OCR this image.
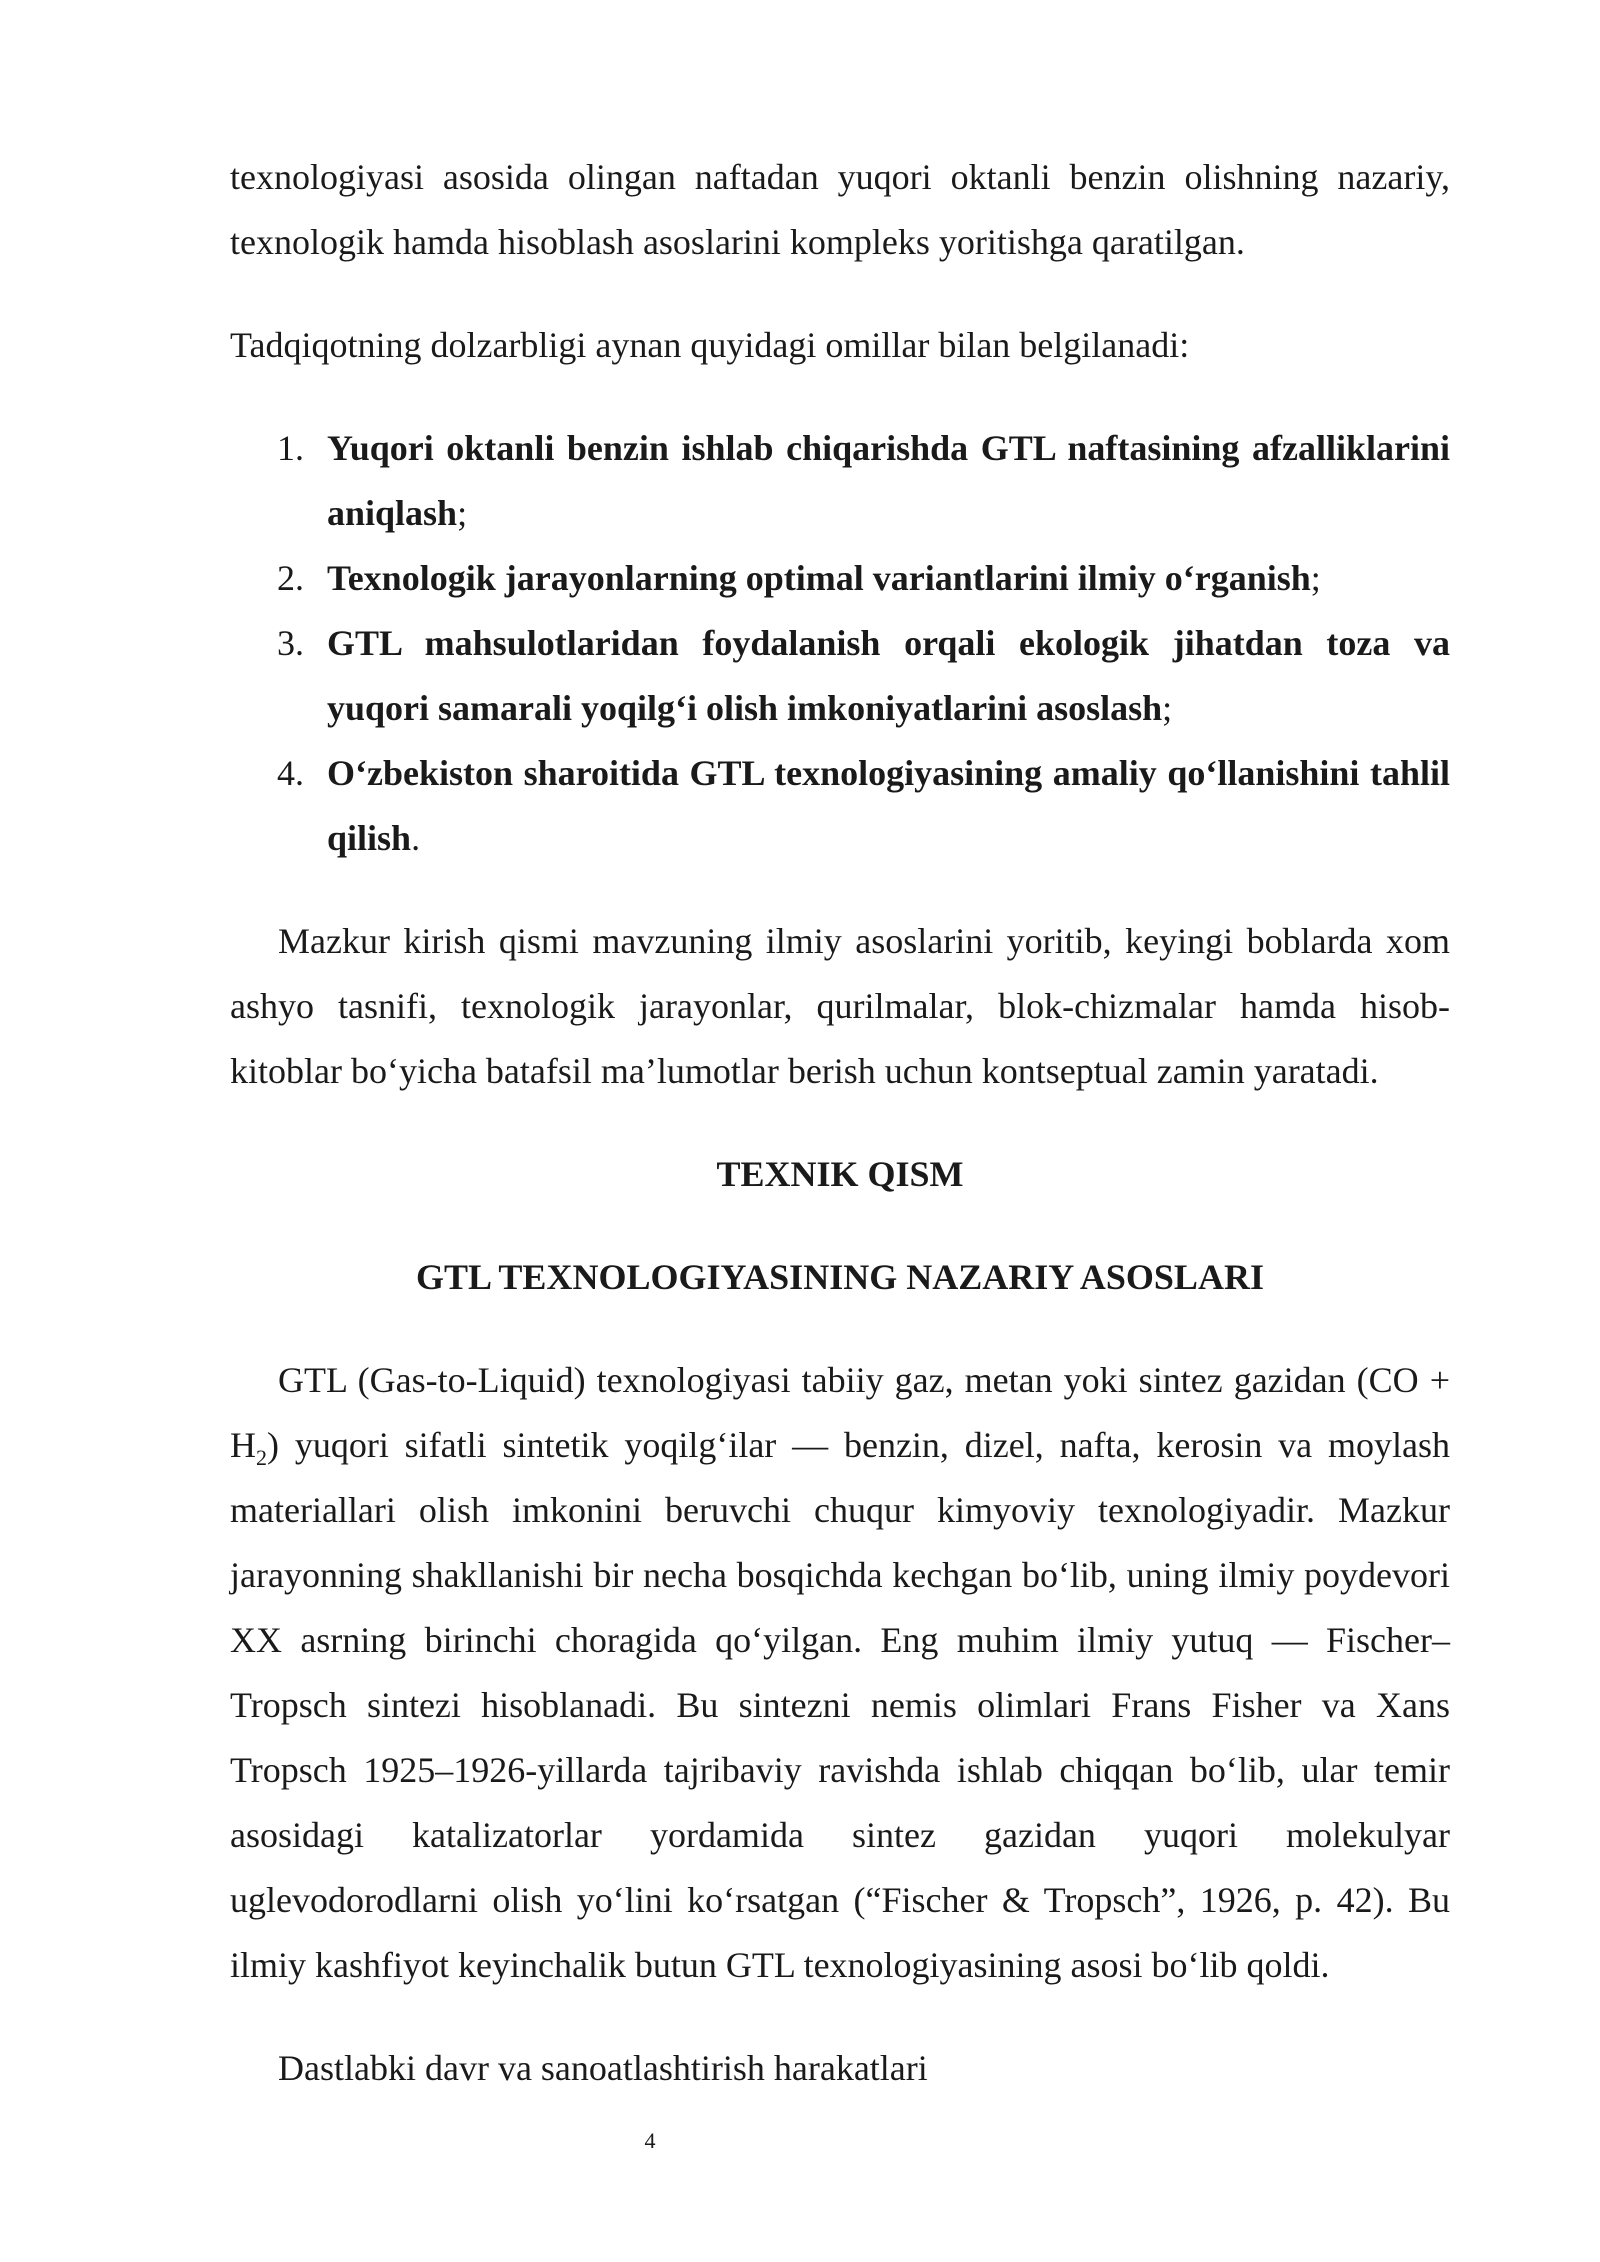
texnologiyasi asosida olingan naftadan yuqori oktanli benzin olishning nazariy, texnologik hamda hisoblash asoslarini kompleks yoritishga qaratilgan.

Tadqiqotning dolzarbligi aynan quyidagi omillar bilan belgilanadi:

1. Yuqori oktanli benzin ishlab chiqarishda GTL naftasining afzalliklarini aniqlash;
2. Texnologik jarayonlarning optimal variantlarini ilmiy o‘rganish;
3. GTL mahsulotlaridan foydalanish orqali ekologik jihatdan toza va yuqori samarali yoqilg‘i olish imkoniyatlarini asoslash;
4. O‘zbekiston sharoitida GTL texnologiyasining amaliy qo‘llanishini tahlil qilish.

Mazkur kirish qismi mavzuning ilmiy asoslarini yoritib, keyingi boblarda xom ashyo tasnifi, texnologik jarayonlar, qurilmalar, blok-chizmalar hamda hisob-kitoblar bo‘yicha batafsil ma’lumotlar berish uchun kontseptual zamin yaratadi.

TEXNIK QISM

GTL TEXNOLOGIYASINING NAZARIY ASOSLARI

GTL (Gas-to-Liquid) texnologiyasi tabiiy gaz, metan yoki sintez gazidan $(CO + H_2)$ yuqori sifatli sintetik yoqilg‘ilar — benzin, dizel, nafta, kerosin va moylash materiallari olish imkonini beruvchi chuqur kimyoviy texnologiyadir. Mazkur jarayonning shakllanishi bir necha bosqichda kechgan bo‘lib, uning ilmiy poydevori XX asrning birinchi choragida qo‘yilgan. Eng muhim ilmiy yutuq — Fischer–Tropsch sintezi hisoblanadi. Bu sintezni nemis olimlari Frans Fisher va Xans Tropsch 1925–1926-yillarda tajribaviy ravishda ishlab chiqqan bo‘lib, ular temir asosidagi katalizatorlar yordamida sintez gazidan yuqori molekulyar uglevodorodlarni olish yo‘lini ko‘rsatgan (“Fischer & Tropsch”, 1926, p. 42). Bu ilmiy kashfiyot keyinchalik butun GTL texnologiyasining asosi bo‘lib qoldi.

Dastlabki davr va sanoatlashtirish harakatlari

4
